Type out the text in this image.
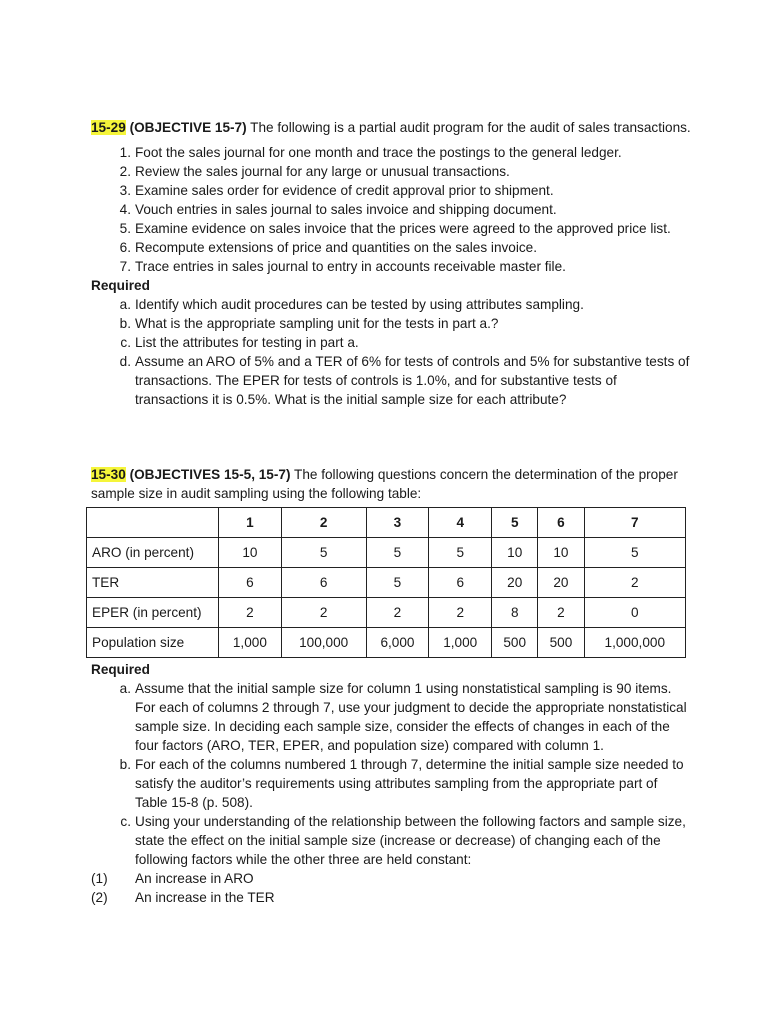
15-29 (OBJECTIVE 15-7) The following is a partial audit program for the audit of sales transactions.
1. Foot the sales journal for one month and trace the postings to the general ledger.
2. Review the sales journal for any large or unusual transactions.
3. Examine sales order for evidence of credit approval prior to shipment.
4. Vouch entries in sales journal to sales invoice and shipping document.
5. Examine evidence on sales invoice that the prices were agreed to the approved price list.
6. Recompute extensions of price and quantities on the sales invoice.
7. Trace entries in sales journal to entry in accounts receivable master file.
Required
a. Identify which audit procedures can be tested by using attributes sampling.
b. What is the appropriate sampling unit for the tests in part a.?
c. List the attributes for testing in part a.
d. Assume an ARO of 5% and a TER of 6% for tests of controls and 5% for substantive tests of transactions. The EPER for tests of controls is 1.0%, and for substantive tests of transactions it is 0.5%. What is the initial sample size for each attribute?
15-30 (OBJECTIVES 15-5, 15-7) The following questions concern the determination of the proper sample size in audit sampling using the following table:
	1	2	3	4	5	6	7
ARO (in percent)	10	5	5	5	10	10	5
TER	6	6	5	6	20	20	2
EPER (in percent)	2	2	2	2	8	2	0
Population size	1,000	100,000	6,000	1,000	500	500	1,000,000
Required
a. Assume that the initial sample size for column 1 using nonstatistical sampling is 90 items. For each of columns 2 through 7, use your judgment to decide the appropriate nonstatistical sample size. In deciding each sample size, consider the effects of changes in each of the four factors (ARO, TER, EPER, and population size) compared with column 1.
b. For each of the columns numbered 1 through 7, determine the initial sample size needed to satisfy the auditor’s requirements using attributes sampling from the appropriate part of Table 15-8 (p. 508).
c. Using your understanding of the relationship between the following factors and sample size, state the effect on the initial sample size (increase or decrease) of changing each of the following factors while the other three are held constant:
(1)	An increase in ARO
(2)	An increase in the TER
